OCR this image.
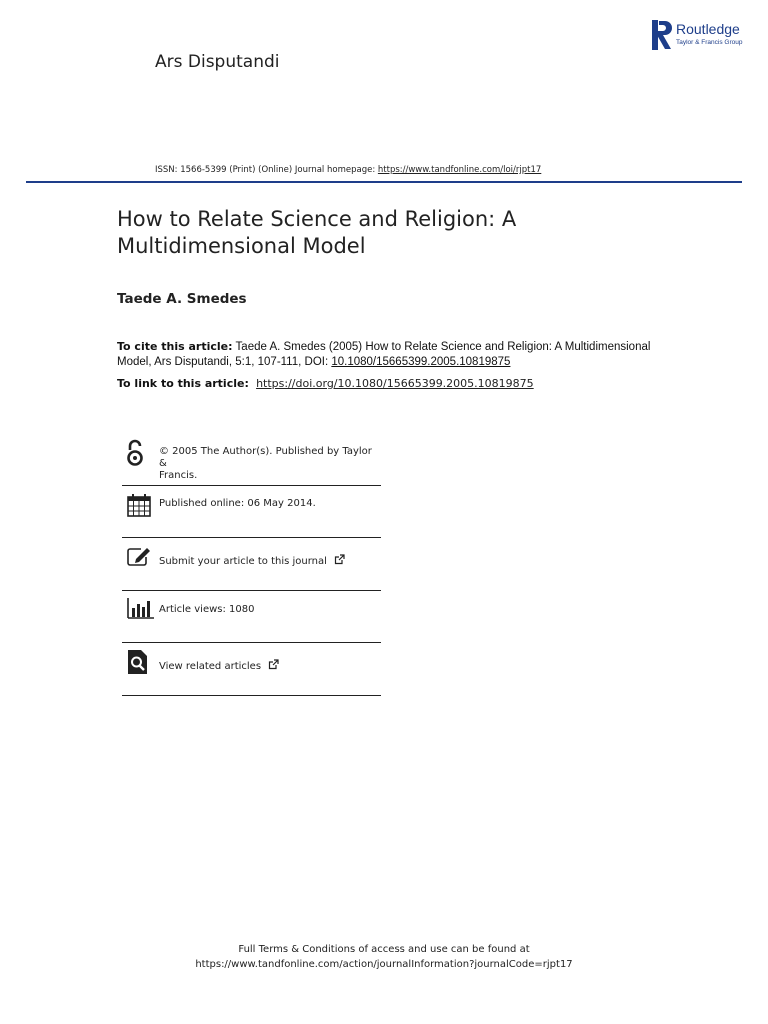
Routledge
Taylor & Francis Group
Ars Disputandi
ISSN: 1566-5399 (Print) (Online) Journal homepage: https://www.tandfonline.com/loi/rjpt17
How to Relate Science and Religion: A
Multidimensional Model
Taede A. Smedes
To cite this article: Taede A. Smedes (2005) How to Relate Science and Religion: A Multidimensional Model, Ars Disputandi, 5:1, 107-111, DOI: 10.1080/15665399.2005.10819875
To link to this article: https://doi.org/10.1080/15665399.2005.10819875
© 2005 The Author(s). Published by Taylor &
Francis.
Published online: 06 May 2014.
Submit your article to this journal
Article views: 1080
View related articles
Full Terms & Conditions of access and use can be found at
https://www.tandfonline.com/action/journalInformation?journalCode=rjpt17
